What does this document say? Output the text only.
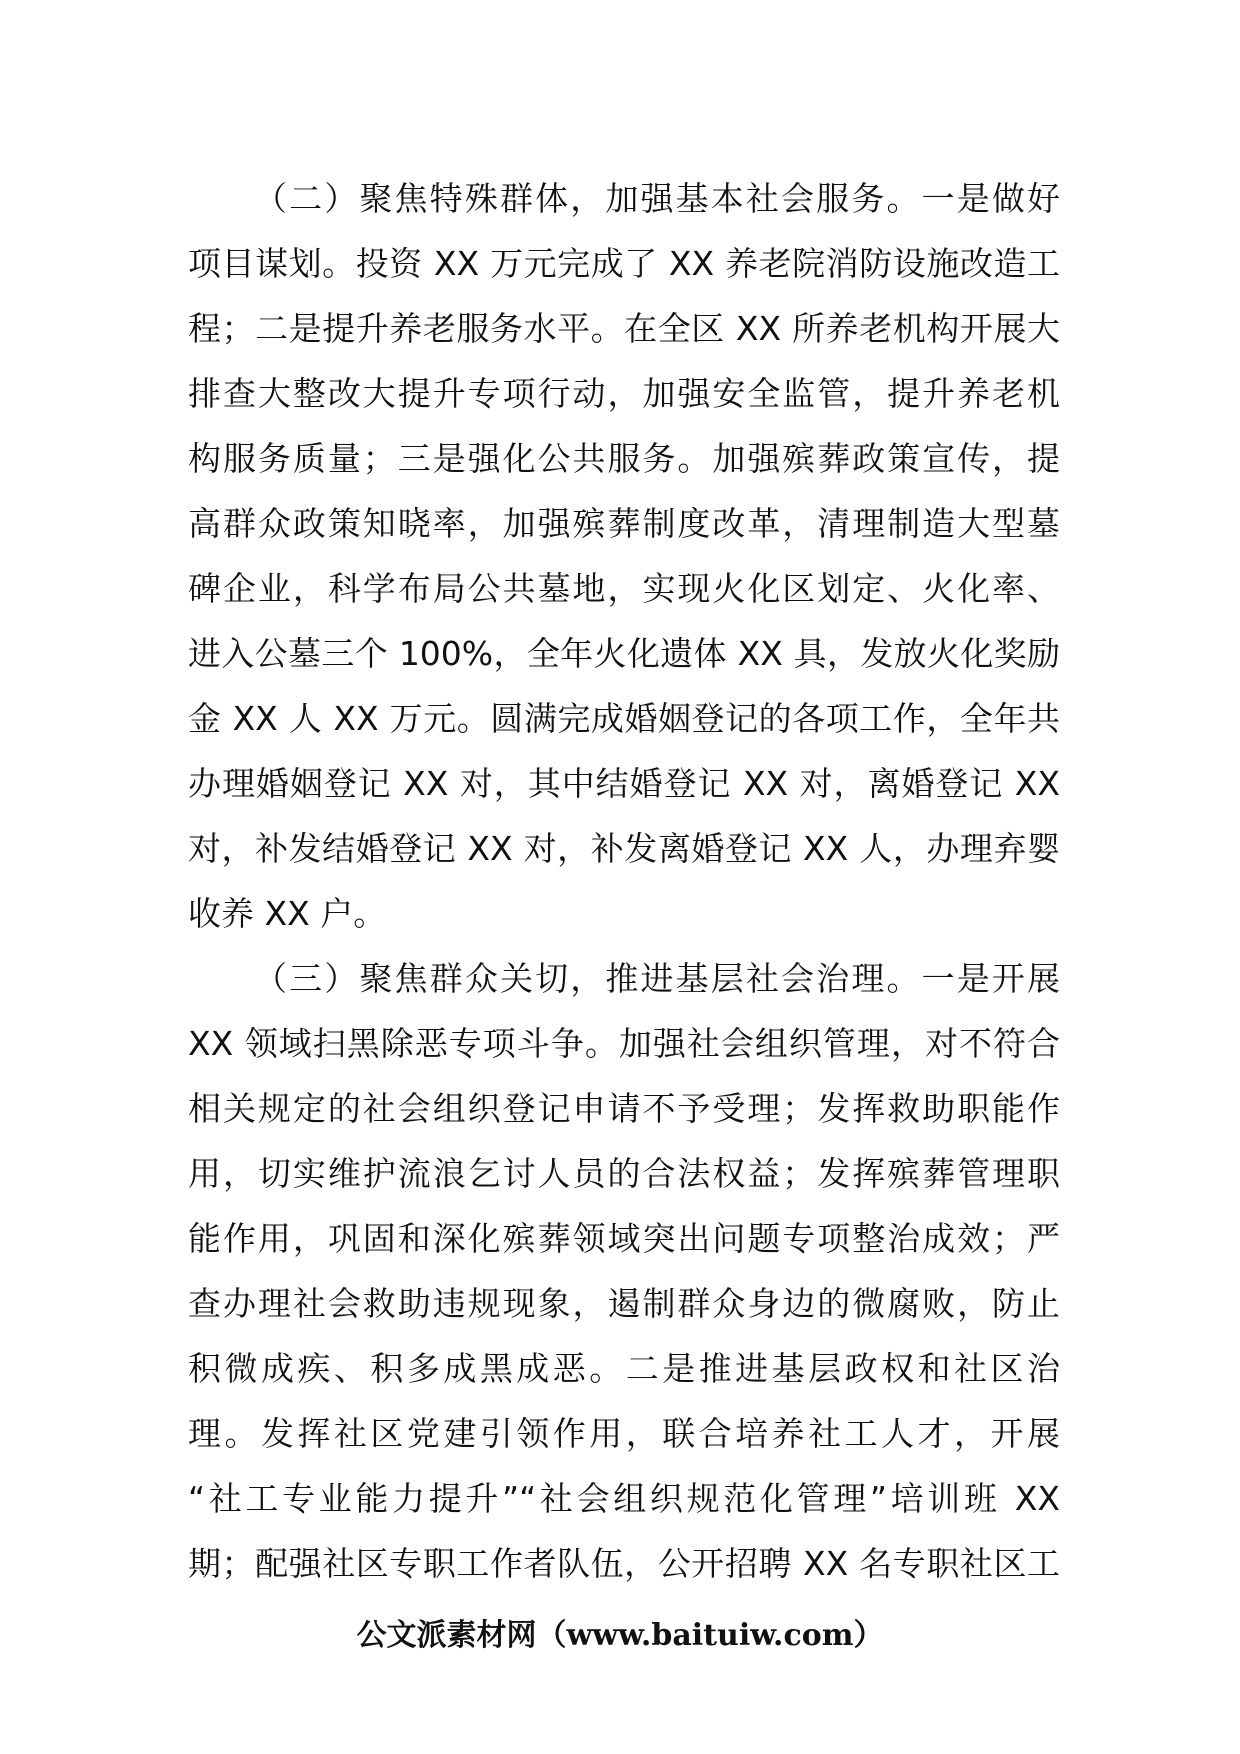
（二）聚焦特殊群体，加强基本社会服务。一是做好
项目谋划。投资 XX 万元完成了 XX 养老院消防设施改造工
程；二是提升养老服务水平。在全区 XX 所养老机构开展大
排查大整改大提升专项行动，加强安全监管，提升养老机
构服务质量；三是强化公共服务。加强殡葬政策宣传，提
高群众政策知晓率，加强殡葬制度改革，清理制造大型墓
碑企业，科学布局公共墓地，实现火化区划定、火化率、
进入公墓三个 100%，全年火化遗体 XX 具，发放火化奖励
金 XX 人 XX 万元。圆满完成婚姻登记的各项工作，全年共
办理婚姻登记 XX 对，其中结婚登记 XX 对，离婚登记 XX
对，补发结婚登记 XX 对，补发离婚登记 XX 人，办理弃婴
收养 XX 户。
（三）聚焦群众关切，推进基层社会治理。一是开展
XX 领域扫黑除恶专项斗争。加强社会组织管理，对不符合
相关规定的社会组织登记申请不予受理；发挥救助职能作
用，切实维护流浪乞讨人员的合法权益；发挥殡葬管理职
能作用，巩固和深化殡葬领域突出问题专项整治成效；严
查办理社会救助违规现象，遏制群众身边的微腐败，防止
积微成疾、积多成黑成恶。二是推进基层政权和社区治
理。发挥社区党建引领作用，联合培养社工人才，开展
“社工专业能力提升”“社会组织规范化管理”培训班 XX
期；配强社区专职工作者队伍，公开招聘 XX 名专职社区工
公文派素材网（www.baituiw.com）
